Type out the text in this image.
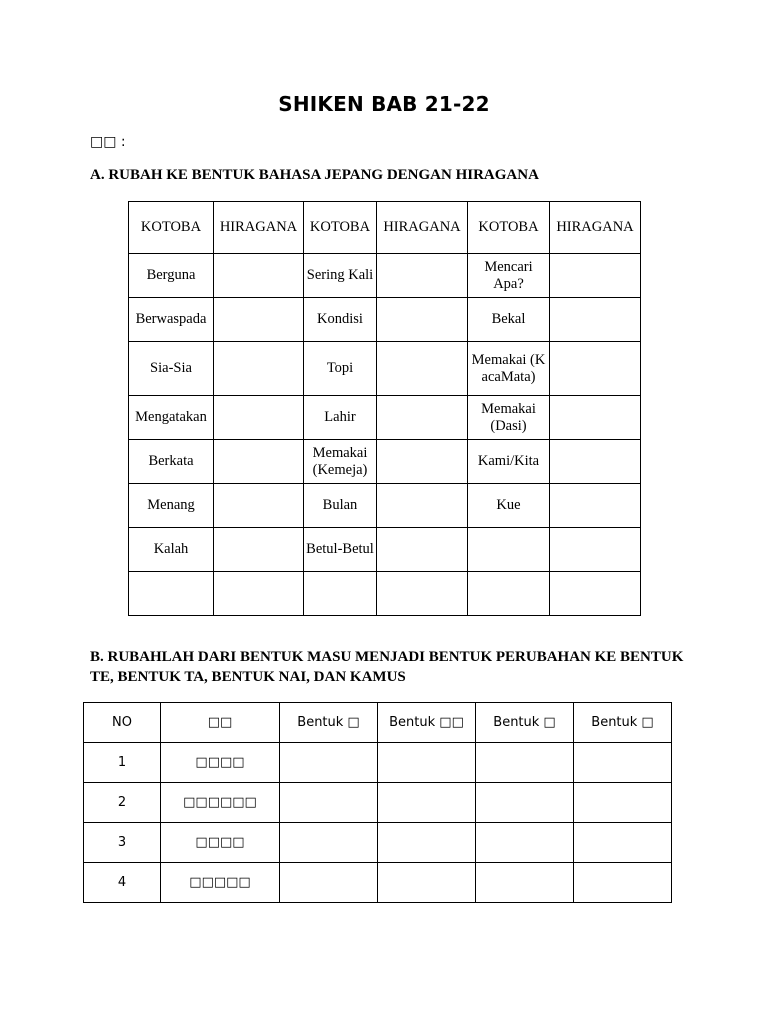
SHIKEN BAB 21-22
□□ :
A. RUBAH KE BENTUK BAHASA JEPANG DENGAN HIRAGANA
KOTOBA	HIRAGANA	KOTOBA	HIRAGANA	KOTOBA	HIRAGANA
Berguna		Sering Kali		Mencari Apa?	
Berwaspada		Kondisi		Bekal	
Sia-Sia		Topi		Memakai (KacaMata)	
Mengatakan		Lahir		Memakai (Dasi)	
Berkata		Memakai (Kemeja)		Kami/Kita	
Menang		Bulan		Kue	
Kalah		Betul-Betul			

B. RUBAHLAH DARI BENTUK MASU MENJADI BENTUK PERUBAHAN KE BENTUK TE, BENTUK TA, BENTUK NAI, DAN KAMUS
NO	□□	Bentuk □	Bentuk □□	Bentuk □	Bentuk □
1	□□□□				
2	□□□□□□				
3	□□□□				
4	□□□□□				
